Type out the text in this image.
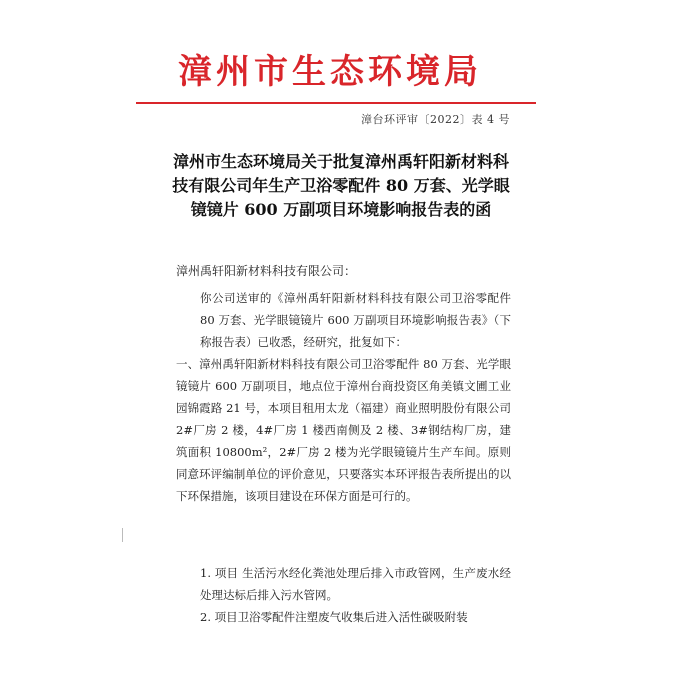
漳州市生态环境局
漳台环评审〔2022〕表 4 号
漳州市生态环境局关于批复漳州禹轩阳新材料科技有限公司年生产卫浴零配件 80 万套、光学眼镜镜片 600 万副项目环境影响报告表的函
漳州禹轩阳新材料科技有限公司：
你公司送审的《漳州禹轩阳新材料科技有限公司卫浴零配件 80 万套、光学眼镜镜片 600 万副项目环境影响报告表》（下称报告表）已收悉，经研究，批复如下：
一、漳州禹轩阳新材料科技有限公司卫浴零配件 80 万套、光学眼镜镜片 600 万副项目，地点位于漳州台商投资区角美镇文圃工业园锦霞路 21 号，本项目租用太龙（福建）商业照明股份有限公司 2#厂房 2 楼，4#厂房 1 楼西南侧及 2 楼、3#钢结构厂房，建筑面积 10800m²，2#厂房 2 楼为光学眼镜镜片生产车间。原则同意环评编制单位的评价意见，只要落实本环评报告表所提出的以下环保措施，该项目建设在环保方面是可行的。
1. 项目 生活污水经化粪池处理后排入市政管网，生产废水经处理达标后排入污水管网。
2. 项目卫浴零配件注塑废气收集后进入活性碳吸附装
